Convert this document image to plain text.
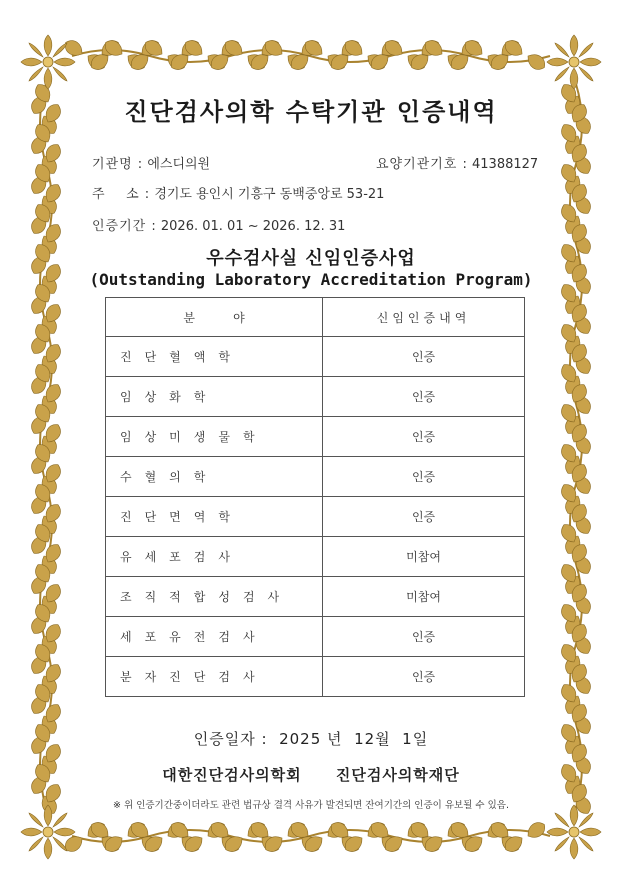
진단검사의학 수탁기관 인증내역
기관명 : 에스디의원	요양기관기호 : 41388127
주    소 : 경기도 용인시 기흥구 동백중앙로 53-21
인증기간 : 2026. 01. 01 ~ 2026. 12. 31
우수검사실 신임인증사업
(Outstanding Laboratory Accreditation Program)
분          야	신임인증내역

진단혈액학	인증

임상화학	인증

임상미생물학	인증

수혈의학	인증

진단면역학	인증

유세포검사	미참여

조직적합성검사	미참여

세포유전검사	인증

분자진단검사	인증
인증일자 :  2025 년  12월  1일
대한진단검사의학회 진단검사의학재단
※ 위 인증기간중이더라도 관련 법규상 결격 사유가 발견되면 잔여기간의 인증이 유보될 수 있음.
